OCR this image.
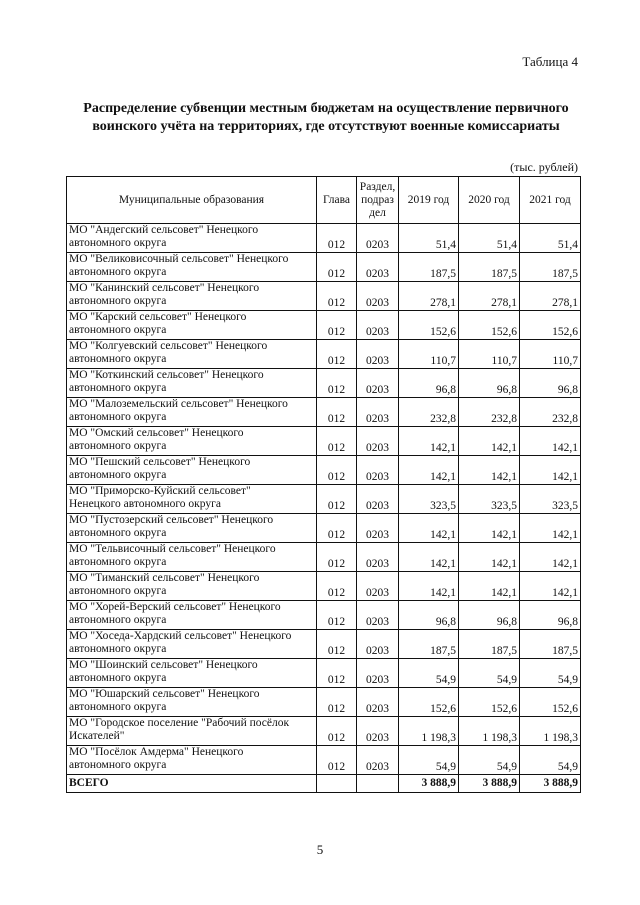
Таблица 4
Распределение субвенции местным бюджетам на осуществление первичного
воинского учёта на территориях, где отсутствуют военные комиссариаты
(тыс. рублей)
Муниципальные образования	Глава	Раздел,
подраз
дел	2019 год	2020 год	2021 год

МО "Андегский сельсовет" Ненецкого
автономного округа	012	0203	51,4	51,4	51,4

МО "Великовисочный сельсовет" Ненецкого
автономного округа	012	0203	187,5	187,5	187,5

МО "Канинский сельсовет" Ненецкого
автономного округа	012	0203	278,1	278,1	278,1

МО "Карский сельсовет" Ненецкого
автономного округа	012	0203	152,6	152,6	152,6

МО "Колгуевский сельсовет" Ненецкого
автономного округа	012	0203	110,7	110,7	110,7

МО "Коткинский сельсовет" Ненецкого
автономного округа	012	0203	96,8	96,8	96,8

МО "Малоземельский сельсовет" Ненецкого
автономного округа	012	0203	232,8	232,8	232,8

МО "Омский сельсовет" Ненецкого
автономного округа	012	0203	142,1	142,1	142,1

МО "Пешский сельсовет" Ненецкого
автономного округа	012	0203	142,1	142,1	142,1

МО "Приморско-Куйский сельсовет"
Ненецкого автономного округа	012	0203	323,5	323,5	323,5

МО "Пустозерский сельсовет" Ненецкого
автономного округа	012	0203	142,1	142,1	142,1

МО "Тельвисочный сельсовет" Ненецкого
автономного округа	012	0203	142,1	142,1	142,1

МО "Тиманский сельсовет" Ненецкого
автономного округа	012	0203	142,1	142,1	142,1

МО "Хорей-Верский сельсовет" Ненецкого
автономного округа	012	0203	96,8	96,8	96,8

МО "Хоседа-Хардский сельсовет" Ненецкого
автономного округа	012	0203	187,5	187,5	187,5

МО "Шоинский сельсовет" Ненецкого
автономного округа	012	0203	54,9	54,9	54,9

МО "Юшарский сельсовет" Ненецкого
автономного округа	012	0203	152,6	152,6	152,6

МО "Городское поселение "Рабочий посёлок
Искателей"	012	0203	1 198,3	1 198,3	1 198,3

МО "Посёлок Амдерма" Ненецкого
автономного округа	012	0203	54,9	54,9	54,9
ВСЕГО			3 888,9	3 888,9	3 888,9
5
